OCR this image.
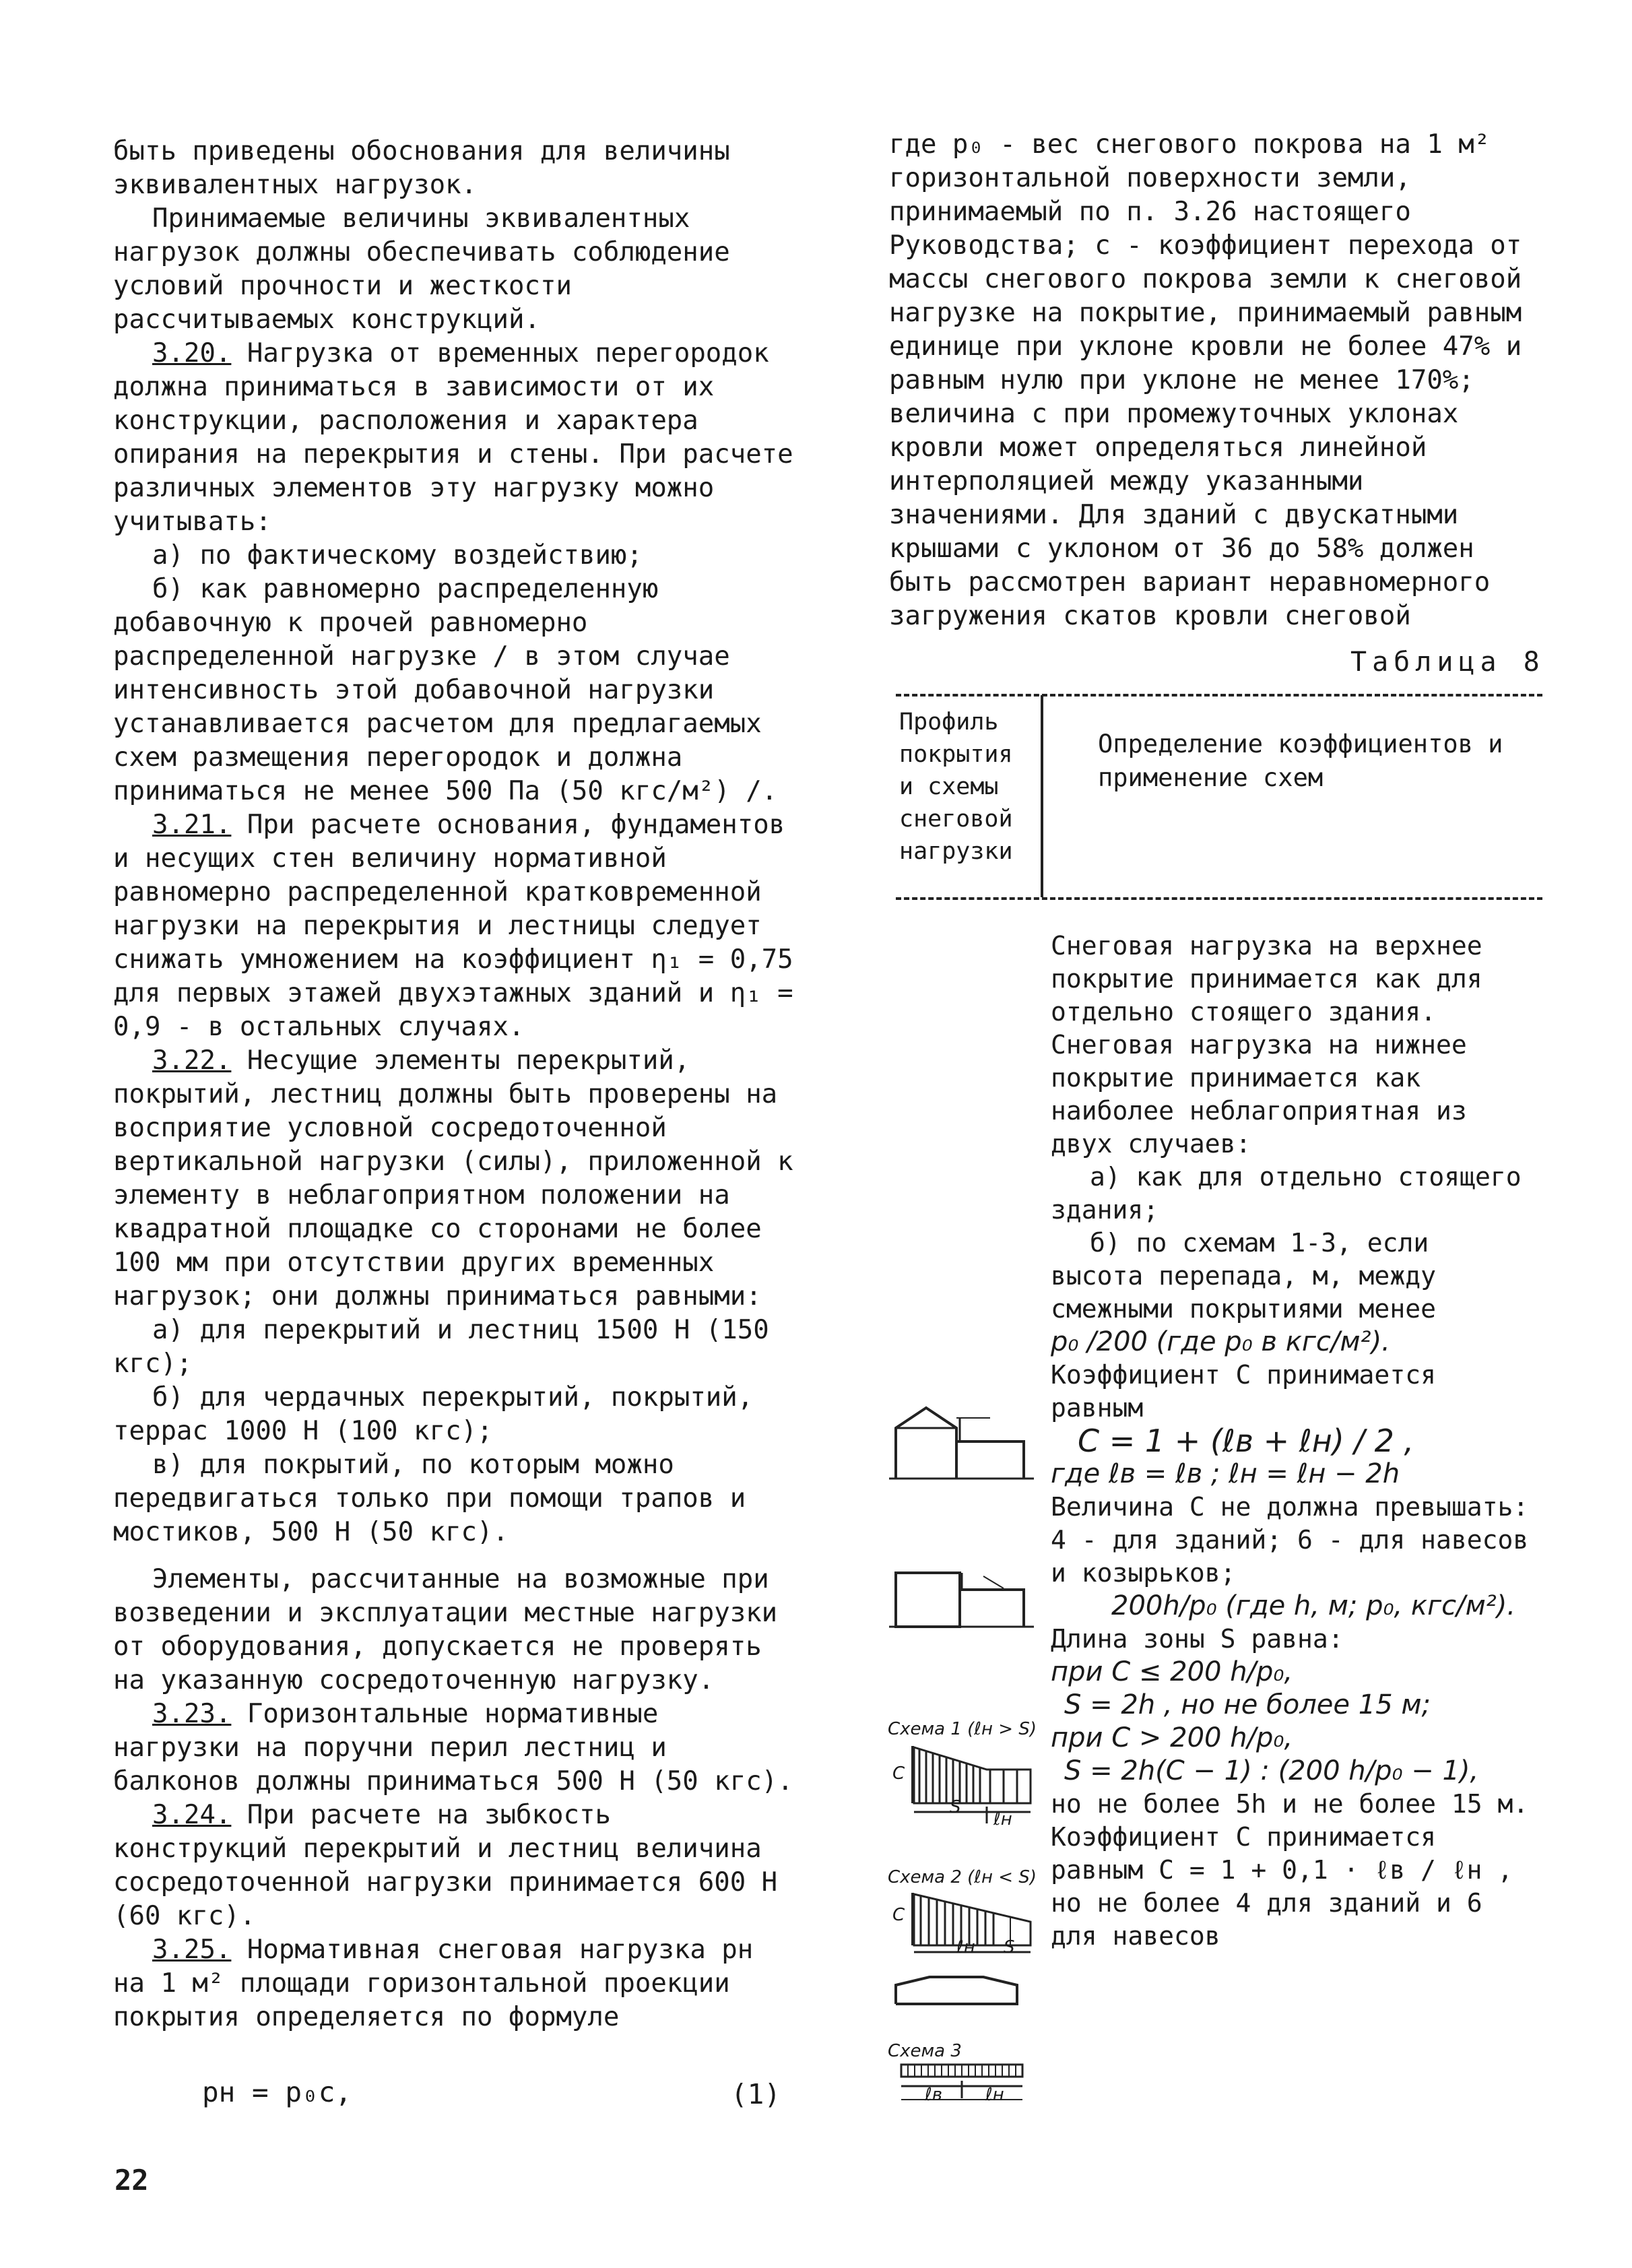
быть приведены обоснования для величины эквивалентных нагрузок.

Принимаемые величины эквивалентных нагрузок должны обеспечивать соблюдение условий прочности и жесткости рассчитываемых конструкций.

3.20. Нагрузка от временных перегородок должна приниматься в зависимости от их конструкции, расположения и характера опирания на перекрытия и стены. При расчете различных элементов эту нагрузку можно учитывать:

а) по фактическому воздействию;

б) как равномерно распределенную добавочную к прочей равномерно распределенной нагрузке / в этом случае интенсивность этой добавочной нагрузки устанавливается расчетом для предлагаемых схем размещения перегородок и должна приниматься не менее 500 Па (50 кгс/м²) /.

3.21. При расчете основания, фундаментов и несущих стен величину нормативной равномерно распределенной кратковременной нагрузки на перекрытия и лестницы следует снижать умножением на коэффициент η₁ = 0,75 для первых этажей двухэтажных зданий и η₁ = 0,9 - в остальных случаях.

3.22. Несущие элементы перекрытий, покрытий, лестниц должны быть проверены на восприятие условной сосредоточенной вертикальной нагрузки (силы), приложенной к элементу в неблагоприятном положении на квадратной площадке со сторонами не более 100 мм при отсутствии других временных нагрузок; они должны приниматься равными:

а) для перекрытий и лестниц 1500 Н (150 кгс);

б) для чердачных перекрытий, покрытий, террас 1000 Н (100 кгс);

в) для покрытий, по которым можно передвигаться только при помощи трапов и мостиков, 500 Н (50 кгс).

Элементы, рассчитанные на возможные при возведении и эксплуатации местные нагрузки от оборудования, допускается не проверять на указанную сосредоточенную нагрузку.

3.23. Горизонтальные нормативные нагрузки на поручни перил лестниц и балконов должны приниматься 500 Н (50 кгс).

3.24. При расчете на зыбкость конструкций перекрытий и лестниц величина сосредоточенной нагрузки принимается 600 Н (60 кгс).

3.25. Нормативная снеговая нагрузка pн на 1 м² площади горизонтальной проекции покрытия определяется по формуле

pн = p₀c,	(1)

где p₀ - вес снегового покрова на 1 м² горизонтальной поверхности земли, принимаемый по п. 3.26 настоящего Руководства; с - коэффициент перехода от массы снегового покрова земли к снеговой нагрузке на покрытие, принимаемый равным единице при уклоне кровли не более 47% и равным нулю при уклоне не менее 170%; величина с при промежуточных уклонах кровли может определяться линейной интерполяцией между указанными значениями. Для зданий с двускатными крышами с уклоном от 36 до 58% должен быть рассмотрен вариант неравномерного загружения скатов кровли снеговой

Таблица 8
Профиль покрытия и схемы снеговой нагрузки
Определение коэффициентов и применение схем

Снеговая нагрузка на верхнее покрытие принимается как для отдельно стоящего здания.

Снеговая нагрузка на нижнее покрытие принимается как наиболее неблагоприятная из двух случаев:

а) как для отдельно стоящего здания;

б) по схемам 1-3, если высота перепада, м, между смежными покрытиями менее

p₀ /200 (где p₀ в кгс/м²).

Коэффициент C принимается равным

C = 1 + (ℓв + ℓн) / 2 ,

где ℓв = ℓв ; ℓн = ℓн − 2h

Величина C не должна превышать: 4 - для зданий; 6 - для навесов и козырьков;

200h/p₀ (где h, м; p₀, кгс/м²).

Длина зоны S равна:

при C ≤ 200 h/p₀,

S = 2h , но не более 15 м;

при C > 200 h/p₀,

S = 2h(C − 1) : (200 h/p₀ − 1),

но не более 5h и не более 15 м.

Коэффициент C принимается равным C = 1 + 0,1 · ℓв / ℓн ,

но не более 4 для зданий и 6 для навесов

Схема 1 (ℓн > S)
S
ℓн
C
Схема 2 (ℓн < S)
ℓн S
C
Схема 3
ℓв ℓн
22
